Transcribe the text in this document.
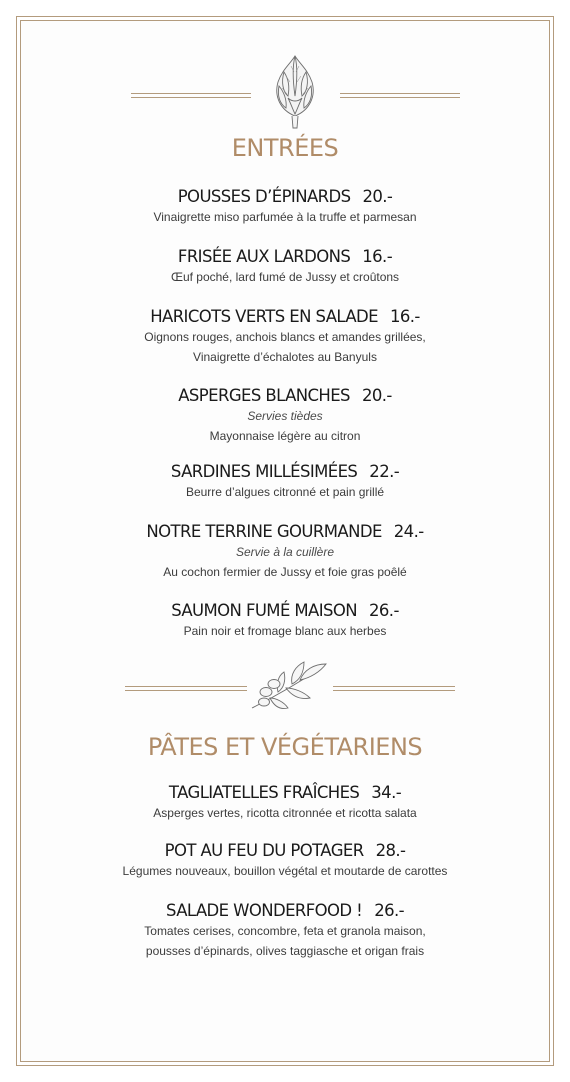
ENTRÉES
POUSSES D’ÉPINARDS 20.-
Vinaigrette miso parfumée à la truffe et parmesan
FRISÉE AUX LARDONS 16.-
Œuf poché, lard fumé de Jussy et croûtons
HARICOTS VERTS EN SALADE 16.-
Oignons rouges, anchois blancs et amandes grillées,
Vinaigrette d’échalotes au Banyuls
ASPERGES BLANCHES 20.-
Servies tièdes
Mayonnaise légère au citron
SARDINES MILLÉSIMÉES 22.-
Beurre d’algues citronné et pain grillé
NOTRE TERRINE GOURMANDE 24.-
Servie à la cuillère
Au cochon fermier de Jussy et foie gras poêlé
SAUMON FUMÉ MAISON 26.-
Pain noir et fromage blanc aux herbes
PÂTES ET VÉGÉTARIENS
TAGLIATELLES FRAÎCHES 34.-
Asperges vertes, ricotta citronnée et ricotta salata
POT AU FEU DU POTAGER 28.-
Légumes nouveaux, bouillon végétal et moutarde de carottes
SALADE WONDERFOOD ! 26.-
Tomates cerises, concombre, feta et granola maison,
pousses d’épinards, olives taggiasche et origan frais
